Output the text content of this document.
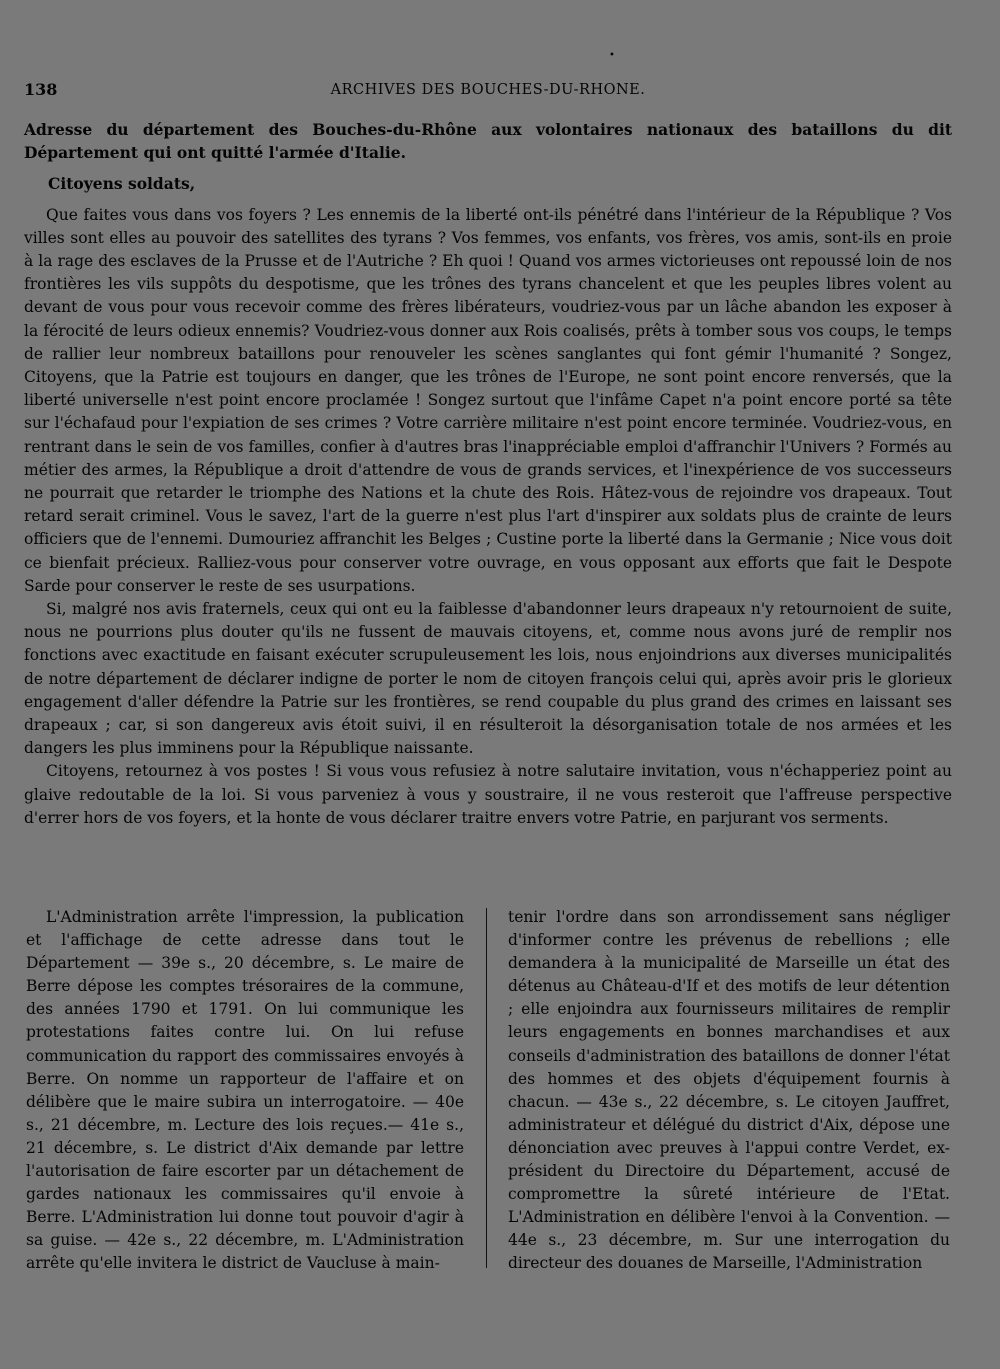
•
138	ARCHIVES DES BOUCHES-DU-RHONE.

Adresse du département des Bouches-du-Rhône aux volontaires nationaux des bataillons du dit Département qui ont quitté l'armée d'Italie.

Citoyens soldats,

Que faites vous dans vos foyers ? Les ennemis de la liberté ont-ils pénétré dans l'intérieur de la République ? Vos villes sont elles au pouvoir des satellites des tyrans ? Vos femmes, vos enfants, vos frères, vos amis, sont-ils en proie à la rage des esclaves de la Prusse et de l'Autriche ? Eh quoi ! Quand vos armes victorieuses ont repoussé loin de nos frontières les vils suppôts du despotisme, que les trônes des tyrans chancelent et que les peuples libres volent au devant de vous pour vous recevoir comme des frères libérateurs, voudriez-vous par un lâche abandon les exposer à la férocité de leurs odieux ennemis? Voudriez-vous donner aux Rois coalisés, prêts à tomber sous vos coups, le temps de rallier leur nombreux bataillons pour renouveler les scènes sanglantes qui font gémir l'humanité ? Songez, Citoyens, que la Patrie est toujours en danger, que les trônes de l'Europe, ne sont point encore renversés, que la liberté universelle n'est point encore proclamée ! Songez surtout que l'infâme Capet n'a point encore porté sa tête sur l'échafaud pour l'expiation de ses crimes ? Votre carrière militaire n'est point encore terminée. Voudriez-vous, en rentrant dans le sein de vos familles, confier à d'autres bras l'inappréciable emploi d'affranchir l'Univers ? Formés au métier des armes, la République a droit d'attendre de vous de grands services, et l'inexpérience de vos successeurs ne pourrait que retarder le triomphe des Nations et la chute des Rois. Hâtez-vous de rejoindre vos drapeaux. Tout retard serait criminel. Vous le savez, l'art de la guerre n'est plus l'art d'inspirer aux soldats plus de crainte de leurs officiers que de l'ennemi. Dumouriez affranchit les Belges ; Custine porte la liberté dans la Germanie ; Nice vous doit ce bienfait précieux. Ralliez-vous pour conserver votre ouvrage, en vous opposant aux efforts que fait le Despote Sarde pour conserver le reste de ses usurpations.

Si, malgré nos avis fraternels, ceux qui ont eu la faiblesse d'abandonner leurs drapeaux n'y retournoient de suite, nous ne pourrions plus douter qu'ils ne fussent de mauvais citoyens, et, comme nous avons juré de remplir nos fonctions avec exactitude en faisant exécuter scrupuleusement les lois, nous enjoindrions aux diverses municipalités de notre département de déclarer indigne de porter le nom de citoyen françois celui qui, après avoir pris le glorieux engagement d'aller défendre la Patrie sur les frontières, se rend coupable du plus grand des crimes en laissant ses drapeaux ; car, si son dangereux avis étoit suivi, il en résulteroit la désorganisation totale de nos armées et les dangers les plus imminens pour la République naissante.

Citoyens, retournez à vos postes ! Si vous vous refusiez à notre salutaire invitation, vous n'échapperiez point au glaive redoutable de la loi. Si vous parveniez à vous y soustraire, il ne vous resteroit que l'affreuse perspective d'errer hors de vos foyers, et la honte de vous déclarer traitre envers votre Patrie, en parjurant vos serments.

L'Administration arrête l'impression, la publication et l'affichage de cette adresse dans tout le Département — 39e s., 20 décembre, s. Le maire de Berre dépose les comptes trésoraires de la commune, des années 1790 et 1791. On lui communique les protestations faites contre lui. On lui refuse communication du rapport des commissaires envoyés à Berre. On nomme un rapporteur de l'affaire et on délibère que le maire subira un interrogatoire. — 40e s., 21 décembre, m. Lecture des lois reçues.— 41e s., 21 décembre, s. Le district d'Aix demande par lettre l'autorisation de faire escorter par un détachement de gardes nationaux les commissaires qu'il envoie à Berre. L'Administration lui donne tout pouvoir d'agir à sa guise. — 42e s., 22 décembre, m. L'Administration arrête qu'elle invitera le district de Vaucluse à main-

tenir l'ordre dans son arrondissement sans négliger d'informer contre les prévenus de rebellions ; elle demandera à la municipalité de Marseille un état des détenus au Château-d'If et des motifs de leur détention ; elle enjoindra aux fournisseurs militaires de remplir leurs engagements en bonnes marchandises et aux conseils d'administration des bataillons de donner l'état des hommes et des objets d'équipement fournis à chacun. — 43e s., 22 décembre, s. Le citoyen Jauffret, administrateur et délégué du district d'Aix, dépose une dénonciation avec preuves à l'appui contre Verdet, ex-président du Directoire du Département, accusé de compromettre la sûreté intérieure de l'Etat. L'Administration en délibère l'envoi à la Convention. — 44e s., 23 décembre, m. Sur une interrogation du directeur des douanes de Marseille, l'Administration
